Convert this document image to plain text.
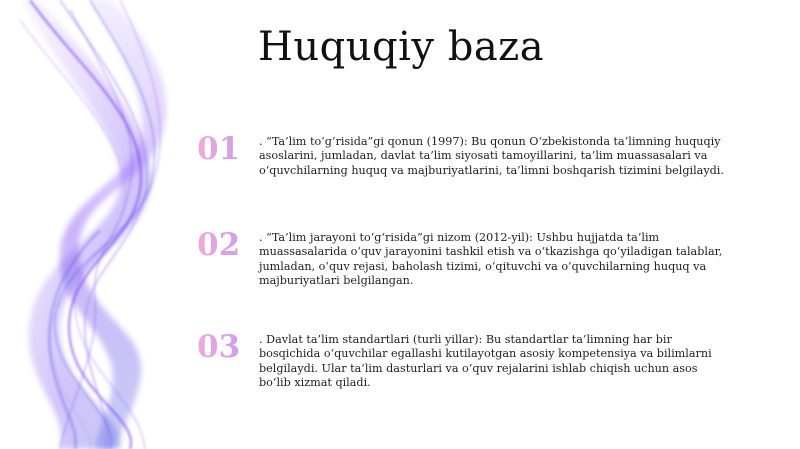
Huquqiy baza
01	. “Ta’lim to‘g‘risida”gi qonun (1997): Bu qonun O‘zbekistonda ta’limning huquqiy asoslarini, jumladan, davlat ta’lim siyosati tamoyillarini, ta’lim muassasalari va o‘quvchilarning huquq va majburiyatlarini, ta’limni boshqarish tizimini belgilaydi.
02	. “Ta’lim jarayoni to‘g‘risida”gi nizom (2012-yil): Ushbu hujjatda ta’lim muassasalarida o‘quv jarayonini tashkil etish va o‘tkazishga qo‘yiladigan talablar, jumladan, o‘quv rejasi, baholash tizimi, o‘qituvchi va o‘quvchilarning huquq va majburiyatlari belgilangan.
03	. Davlat ta’lim standartlari (turli yillar): Bu standartlar ta’limning har bir bosqichida o‘quvchilar egallashi kutilayotgan asosiy kompetensiya va bilimlarni belgilaydi. Ular ta’lim dasturlari va o‘quv rejalarini ishlab chiqish uchun asos bo‘lib xizmat qiladi.
